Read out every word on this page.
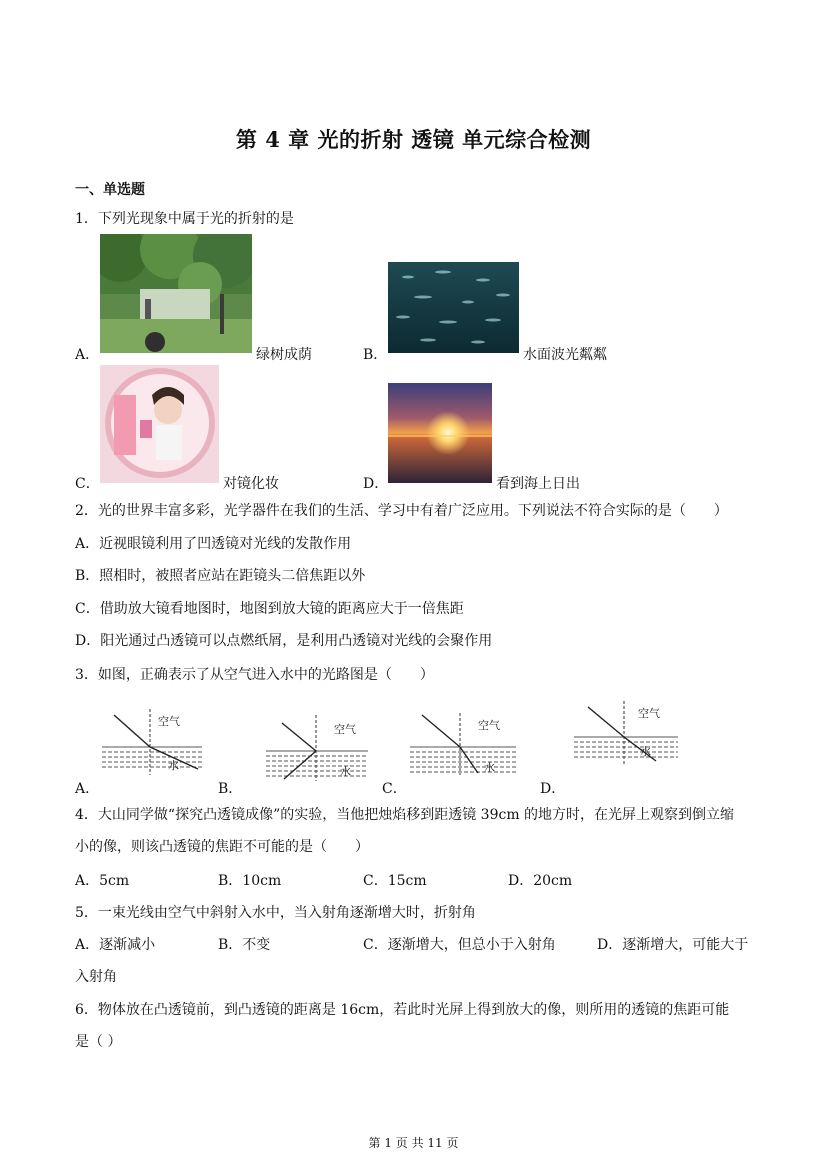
第 4 章 光的折射 透镜 单元综合检测
一、单选题
1．下列光现象中属于光的折射的是
A．	绿树成荫	B．	水面波光粼粼
C．	对镜化妆	D．	看到海上日出
2．光的世界丰富多彩，光学器件在我们的生活、学习中有着广泛应用。下列说法不符合实际的是（　　）
A．近视眼镜利用了凹透镜对光线的发散作用
B．照相时，被照者应站在距镜头二倍焦距以外
C．借助放大镜看地图时，地图到放大镜的距离应大于一倍焦距
D．阳光通过凸透镜可以点燃纸屑，是利用凸透镜对光线的会聚作用
3．如图，正确表示了从空气进入水中的光路图是（　　）
A．
空气
水
B．
空气
水
C．
空气
水
D．
空气
水
4．大山同学做“探究凸透镜成像”的实验，当他把烛焰移到距透镜 39cm 的地方时，在光屏上观察到倒立缩
小的像，则该凸透镜的焦距不可能的是（　　）
A．5cm	B．10cm	C．15cm	D．20cm
5．一束光线由空气中斜射入水中，当入射角逐渐增大时，折射角
A．逐渐减小	B．不变	C．逐渐增大，但总小于入射角	D．逐渐增大，可能大于
入射角
6．物体放在凸透镜前，到凸透镜的距离是 16cm，若此时光屏上得到放大的像，则所用的透镜的焦距可能
是（ ）
第 1 页 共 11 页
